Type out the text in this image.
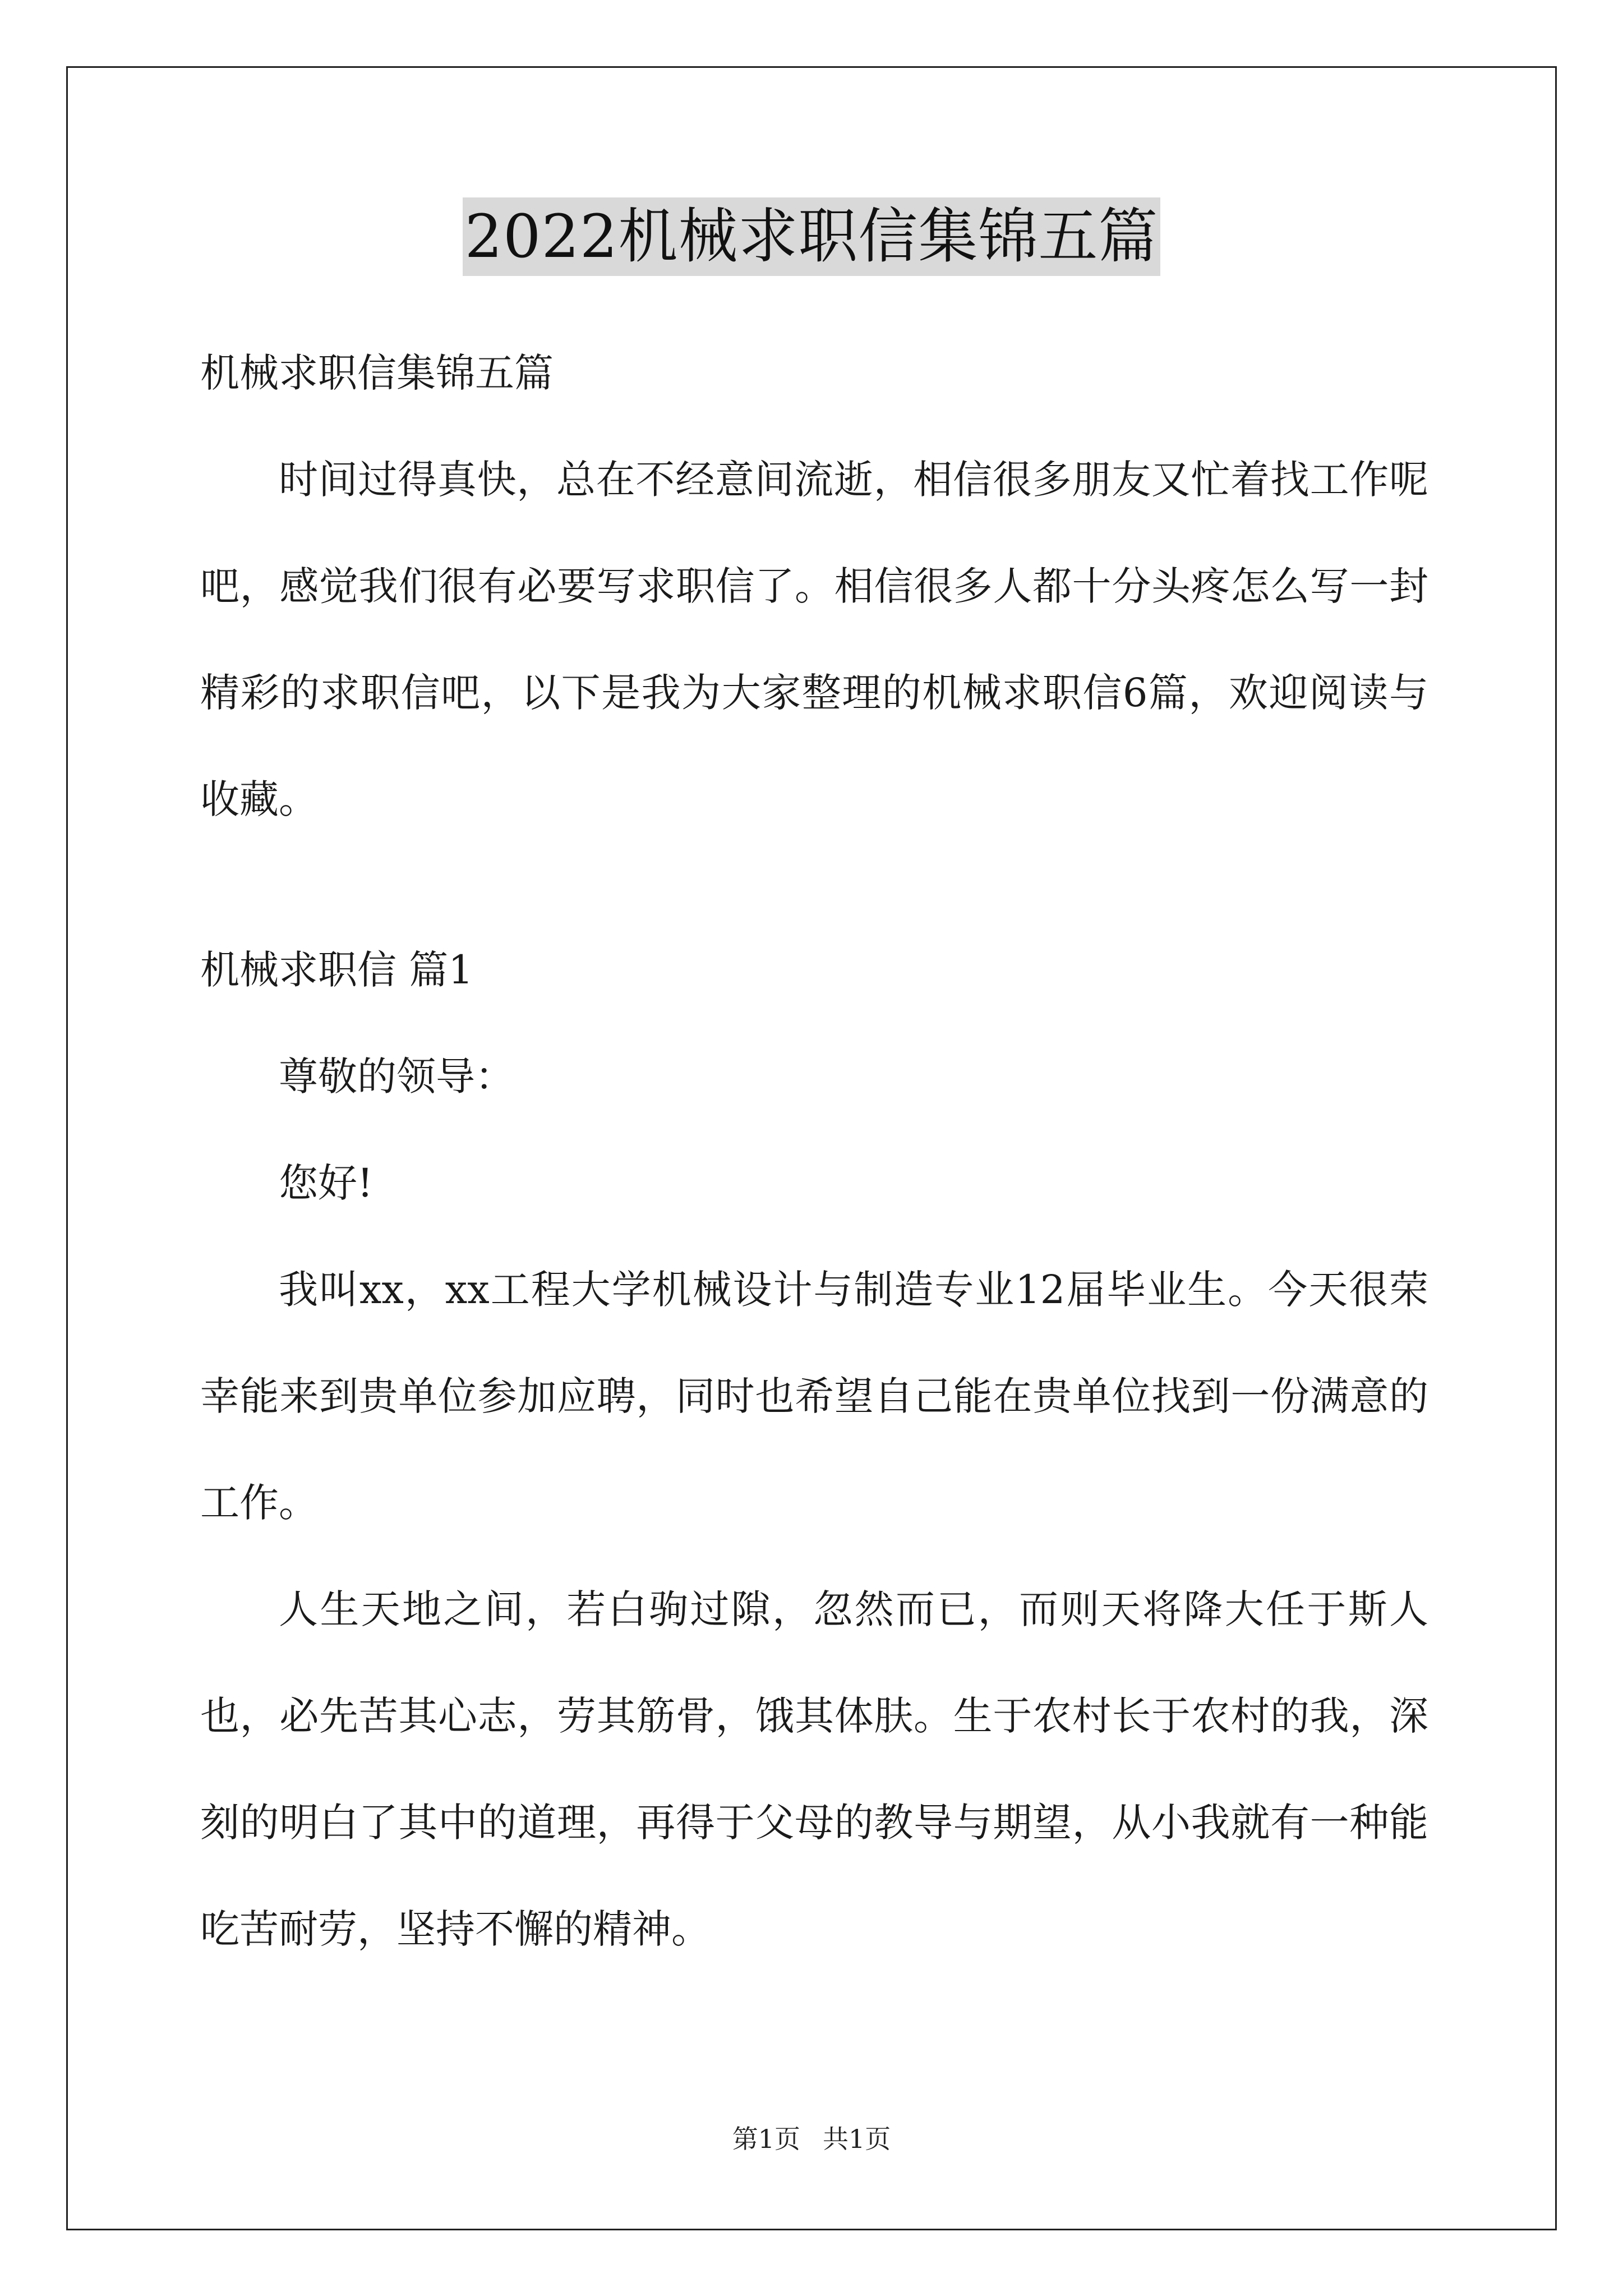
2022机械求职信集锦五篇

机械求职信集锦五篇

时间过得真快，总在不经意间流逝，相信很多朋友又忙着找工作呢吧，感觉我们很有必要写求职信了。相信很多人都十分头疼怎么写一封精彩的求职信吧，以下是我为大家整理的机械求职信6篇，欢迎阅读与收藏。

机械求职信 篇1

尊敬的领导：

您好!

我叫xx，xx工程大学机械设计与制造专业12届毕业生。今天很荣幸能来到贵单位参加应聘，同时也希望自己能在贵单位找到一份满意的工作。

人生天地之间，若白驹过隙，忽然而已，而则天将降大任于斯人也，必先苦其心志，劳其筋骨，饿其体肤。生于农村长于农村的我，深刻的明白了其中的道理，再得于父母的教导与期望，从小我就有一种能吃苦耐劳，坚持不懈的精神。

第1页 共1页
